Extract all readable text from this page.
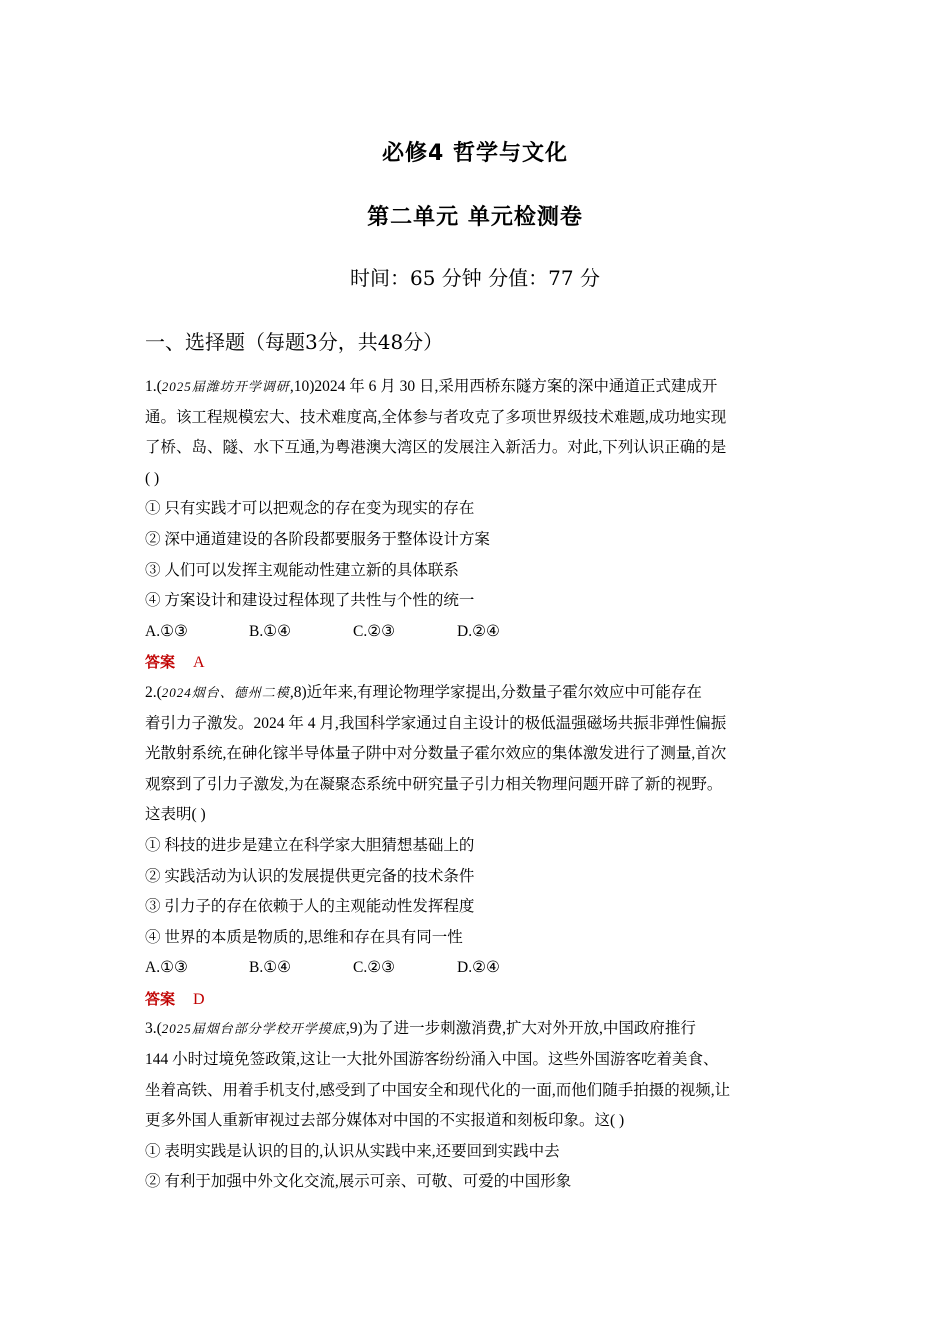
必修4 哲学与文化
第二单元 单元检测卷
时间：65 分钟 分值：77 分
一、选择题（每题3分，共48分）
1.(2025届潍坊开学调研,10)2024 年 6 月 30 日,采用西桥东隧方案的深中通道正式建成开
通。该工程规模宏大、技术难度高,全体参与者攻克了多项世界级技术难题,成功地实现
了桥、岛、隧、水下互通,为粤港澳大湾区的发展注入新活力。对此,下列认识正确的是
( )
① 只有实践才可以把观念的存在变为现实的存在
② 深中通道建设的各阶段都要服务于整体设计方案
③ 人们可以发挥主观能动性建立新的具体联系
④ 方案设计和建设过程体现了共性与个性的统一
A.①③	B.①④	C.②③	D.②④
答案 A
2.(2024烟台、德州二模,8)近年来,有理论物理学家提出,分数量子霍尔效应中可能存在
着引力子激发。2024 年 4 月,我国科学家通过自主设计的极低温强磁场共振非弹性偏振
光散射系统,在砷化镓半导体量子阱中对分数量子霍尔效应的集体激发进行了测量,首次
观察到了引力子激发,为在凝聚态系统中研究量子引力相关物理问题开辟了新的视野。
这表明( )
① 科技的进步是建立在科学家大胆猜想基础上的
② 实践活动为认识的发展提供更完备的技术条件
③ 引力子的存在依赖于人的主观能动性发挥程度
④ 世界的本质是物质的,思维和存在具有同一性
A.①③	B.①④	C.②③	D.②④
答案 D
3.(2025届烟台部分学校开学摸底,9)为了进一步刺激消费,扩大对外开放,中国政府推行
144 小时过境免签政策,这让一大批外国游客纷纷涌入中国。这些外国游客吃着美食、
坐着高铁、用着手机支付,感受到了中国安全和现代化的一面,而他们随手拍摄的视频,让
更多外国人重新审视过去部分媒体对中国的不实报道和刻板印象。这( )
① 表明实践是认识的目的,认识从实践中来,还要回到实践中去
② 有利于加强中外文化交流,展示可亲、可敬、可爱的中国形象
